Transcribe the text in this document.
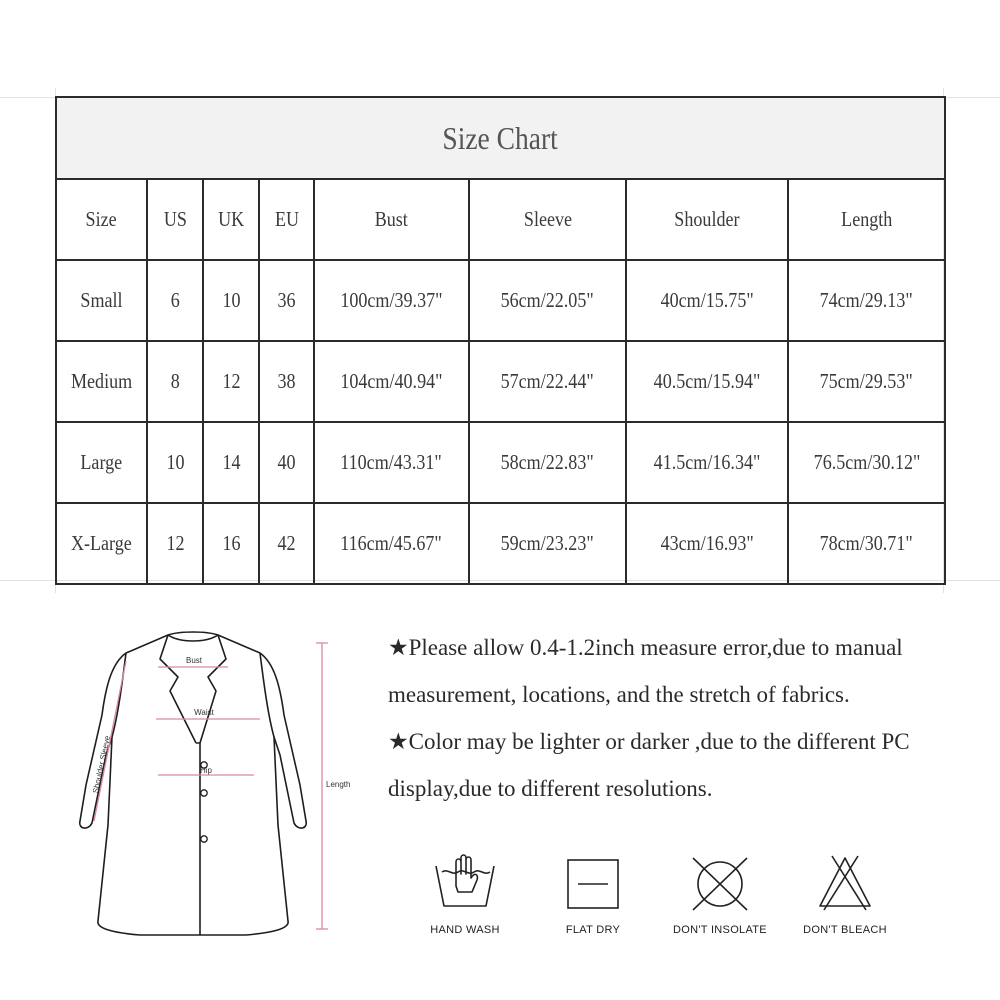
Size Chart							
Size	US	UK	EU	Bust	Sleeve	Shoulder	Length
Small	6	10	36	100cm/39.37"	56cm/22.05"	40cm/15.75"	74cm/29.13"
Medium	8	12	38	104cm/40.94"	57cm/22.44"	40.5cm/15.94"	75cm/29.53"
Large	10	14	40	110cm/43.31"	58cm/22.83"	41.5cm/16.34"	76.5cm/30.12"
X-Large	12	16	42	116cm/45.67"	59cm/23.23"	43cm/16.93"	78cm/30.71"
Bust
Waist
Hip
Shoulder Sleeve	Length

★Please allow 0.4-1.2inch measure error,due to manual measurement, locations, and the stretch of fabrics.

★Color may be lighter or darker ,due to the different PC display,due to different resolutions.

HAND WASH	FLAT DRY	DON'T INSOLATE	DON'T BLEACH
